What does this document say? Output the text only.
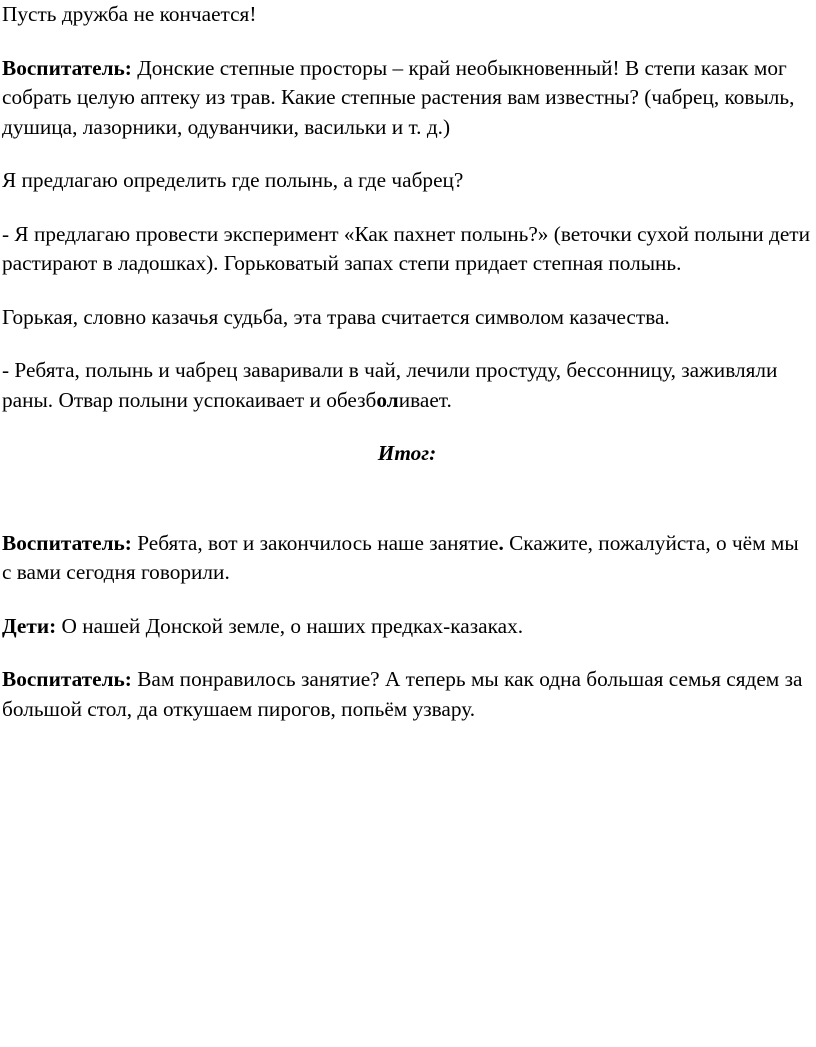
Пусть дружба не кончается!

Воспитатель: Донские степные просторы – край необыкновенный! В степи казак мог собрать целую аптеку из трав. Какие степные растения вам известны? (чабрец, ковыль, душица, лазорники, одуванчики, васильки и т. д.)

Я предлагаю определить где полынь, а где чабрец?

- Я предлагаю провести эксперимент «Как пахнет полынь?» (веточки сухой полыни дети растирают в ладошках). Горьковатый запах степи придает степная полынь.

Горькая, словно казачья судьба, эта трава считается символом казачества.

- Ребята, полынь и чабрец заваривали в чай, лечили простуду, бессонницу, заживляли раны. Отвар полыни успокаивает и обезболивает.

Итог:

Воспитатель: Ребята, вот и закончилось наше занятие. Скажите, пожалуйста, о чём мы с вами сегодня говорили.

Дети: О нашей Донской земле, о наших предках-казаках.

Воспитатель: Вам понравилось занятие? А теперь мы как одна большая семья сядем за большой стол, да откушаем пирогов, попьём узвару.
